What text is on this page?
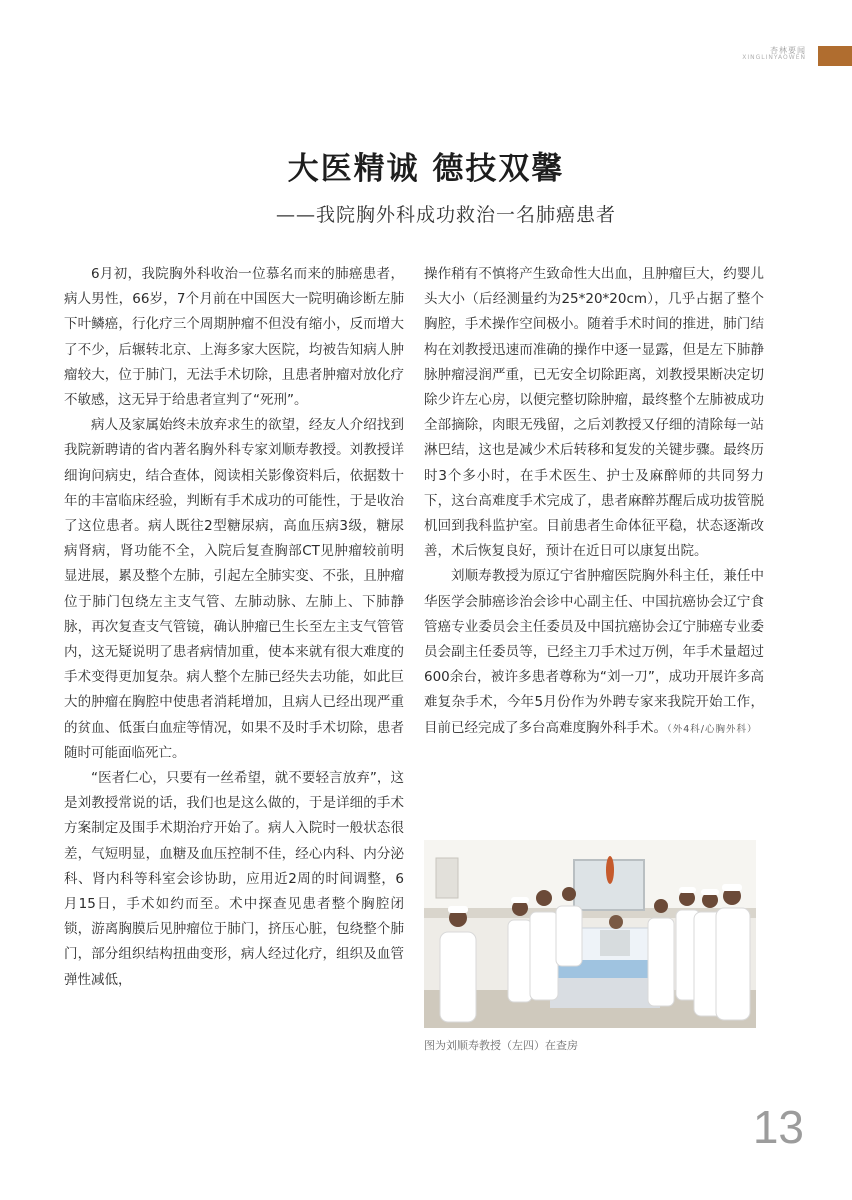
杏林要闻
XINGLINYAOWEN
大医精诚 德技双馨
——我院胸外科成功救治一名肺癌患者

6月初，我院胸外科收治一位慕名而来的肺癌患者，病人男性，66岁，7个月前在中国医大一院明确诊断左肺下叶鳞癌，行化疗三个周期肿瘤不但没有缩小，反而增大了不少，后辗转北京、上海多家大医院，均被告知病人肿瘤较大，位于肺门，无法手术切除，且患者肿瘤对放化疗不敏感，这无异于给患者宣判了“死刑”。

病人及家属始终未放弃求生的欲望，经友人介绍找到我院新聘请的省内著名胸外科专家刘顺寿教授。刘教授详细询问病史，结合查体，阅读相关影像资料后，依据数十年的丰富临床经验，判断有手术成功的可能性，于是收治了这位患者。病人既往2型糖尿病，高血压病3级，糖尿病肾病，肾功能不全，入院后复查胸部CT见肿瘤较前明显进展，累及整个左肺，引起左全肺实变、不张，且肿瘤位于肺门包绕左主支气管、左肺动脉、左肺上、下肺静脉，再次复查支气管镜，确认肿瘤已生长至左主支气管管内，这无疑说明了患者病情加重，使本来就有很大难度的手术变得更加复杂。病人整个左肺已经失去功能，如此巨大的肿瘤在胸腔中使患者消耗增加，且病人已经出现严重的贫血、低蛋白血症等情况，如果不及时手术切除，患者随时可能面临死亡。

“医者仁心，只要有一丝希望，就不要轻言放弃”，这是刘教授常说的话，我们也是这么做的，于是详细的手术方案制定及围手术期治疗开始了。病人入院时一般状态很差，气短明显，血糖及血压控制不佳，经心内科、内分泌科、肾内科等科室会诊协助，应用近2周的时间调整，6月15日，手术如约而至。术中探查见患者整个胸腔闭锁，游离胸膜后见肿瘤位于肺门，挤压心脏，包绕整个肺门，部分组织结构扭曲变形，病人经过化疗，组织及血管弹性减低，

操作稍有不慎将产生致命性大出血，且肿瘤巨大，约婴儿头大小（后经测量约为25*20*20cm），几乎占据了整个胸腔，手术操作空间极小。随着手术时间的推进，肺门结构在刘教授迅速而准确的操作中逐一显露，但是左下肺静脉肿瘤浸润严重，已无安全切除距离，刘教授果断决定切除少许左心房，以便完整切除肿瘤，最终整个左肺被成功全部摘除，肉眼无残留，之后刘教授又仔细的清除每一站淋巴结，这也是减少术后转移和复发的关键步骤。最终历时3个多小时，在手术医生、护士及麻醉师的共同努力下，这台高难度手术完成了，患者麻醉苏醒后成功拔管脱机回到我科监护室。目前患者生命体征平稳，状态逐渐改善，术后恢复良好，预计在近日可以康复出院。

刘顺寿教授为原辽宁省肿瘤医院胸外科主任，兼任中华医学会肺癌诊治会诊中心副主任、中国抗癌协会辽宁食管癌专业委员会主任委员及中国抗癌协会辽宁肺癌专业委员会副主任委员等，已经主刀手术过万例，年手术量超过600余台，被许多患者尊称为“刘一刀”，成功开展许多高难复杂手术，今年5月份作为外聘专家来我院开始工作，目前已经完成了多台高难度胸外科手术。（外4科/心胸外科）

图为刘顺寿教授（左四）在查房
13
